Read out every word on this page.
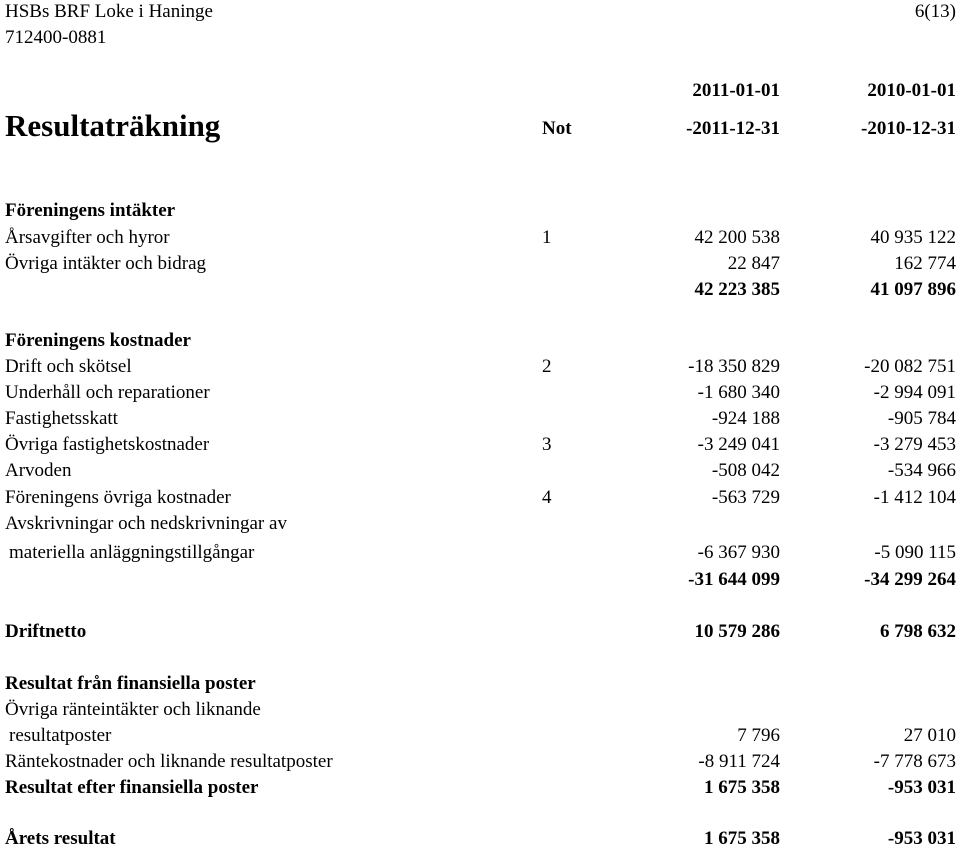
HSBs BRF Loke i Haninge	6(13)
712400-0881
2011-01-01	2010-01-01
Resultaträkning	Not	-2011-12-31	-2010-12-31
Föreningens intäkter
Årsavgifter och hyror	1	42 200 538	40 935 122
Övriga intäkter och bidrag	22 847	162 774
42 223 385	41 097 896
Föreningens kostnader
Drift och skötsel	2	-18 350 829	-20 082 751
Underhåll och reparationer	-1 680 340	-2 994 091
Fastighetsskatt	-924 188	-905 784
Övriga fastighetskostnader	3	-3 249 041	-3 279 453
Arvoden	-508 042	-534 966
Föreningens övriga kostnader	4	-563 729	-1 412 104
Avskrivningar och nedskrivningar av
materiella anläggningstillgångar	-6 367 930	-5 090 115
-31 644 099	-34 299 264
Driftnetto	10 579 286	6 798 632
Resultat från finansiella poster
Övriga ränteintäkter och liknande
resultatposter	7 796	27 010
Räntekostnader och liknande resultatposter	-8 911 724	-7 778 673
Resultat efter finansiella poster	1 675 358	-953 031
Årets resultat	1 675 358	-953 031
